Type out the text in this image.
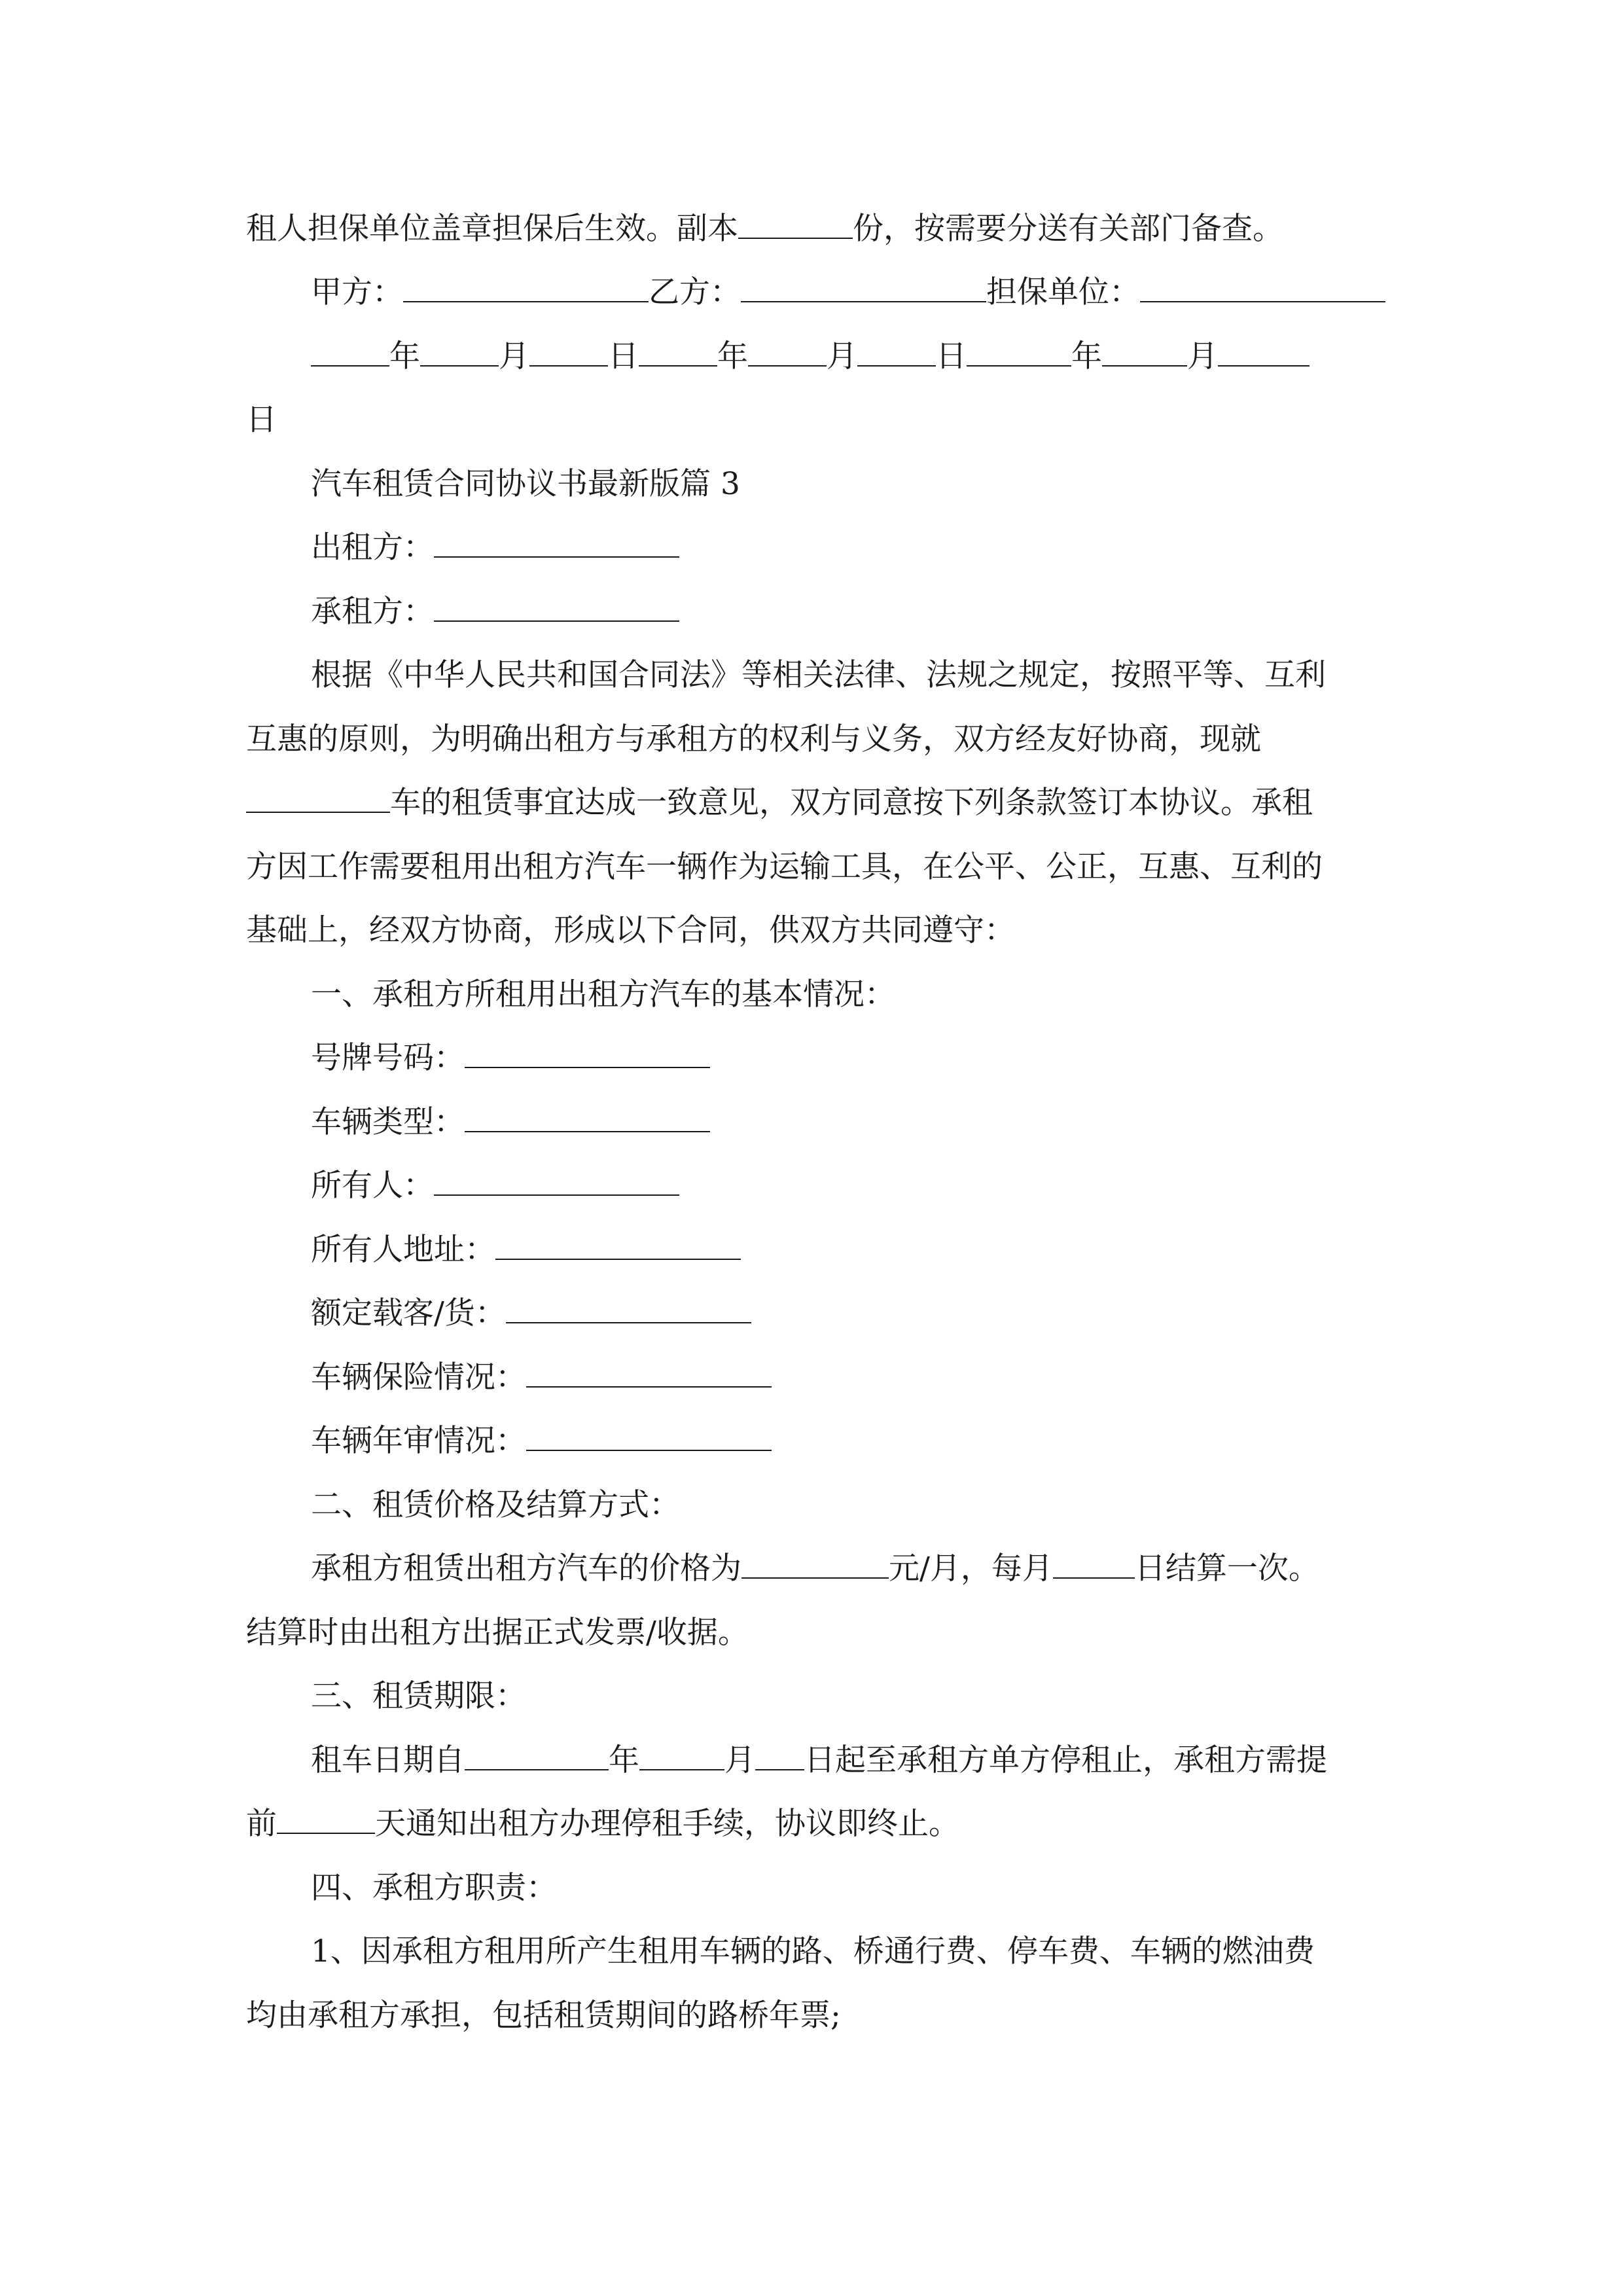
租人担保单位盖章担保后生效。副本	份，按需要分送有关部门备查。
甲方：	乙方：	担保单位：
年	月	日	年	月	日	年	月
日
汽车租赁合同协议书最新版篇 3
出租方：
承租方：
根据《中华人民共和国合同法》等相关法律、法规之规定，按照平等、互利
互惠的原则，为明确出租方与承租方的权利与义务，双方经友好协商，现就
车的租赁事宜达成一致意见，双方同意按下列条款签订本协议。承租
方因工作需要租用出租方汽车一辆作为运输工具，在公平、公正，互惠、互利的
基础上，经双方协商，形成以下合同，供双方共同遵守：
一、承租方所租用出租方汽车的基本情况：
号牌号码：
车辆类型：
所有人：
所有人地址：
额定载客/货：
车辆保险情况：
车辆年审情况：
二、租赁价格及结算方式：
承租方租赁出租方汽车的价格为	元/月，每月	日结算一次。
结算时由出租方出据正式发票/收据。
三、租赁期限：
租车日期自	年	月 日起至承租方单方停租止，承租方需提
前	天通知出租方办理停租手续，协议即终止。
四、承租方职责：
1、因承租方租用所产生租用车辆的路、桥通行费、停车费、车辆的燃油费
均由承租方承担，包括租赁期间的路桥年票;
